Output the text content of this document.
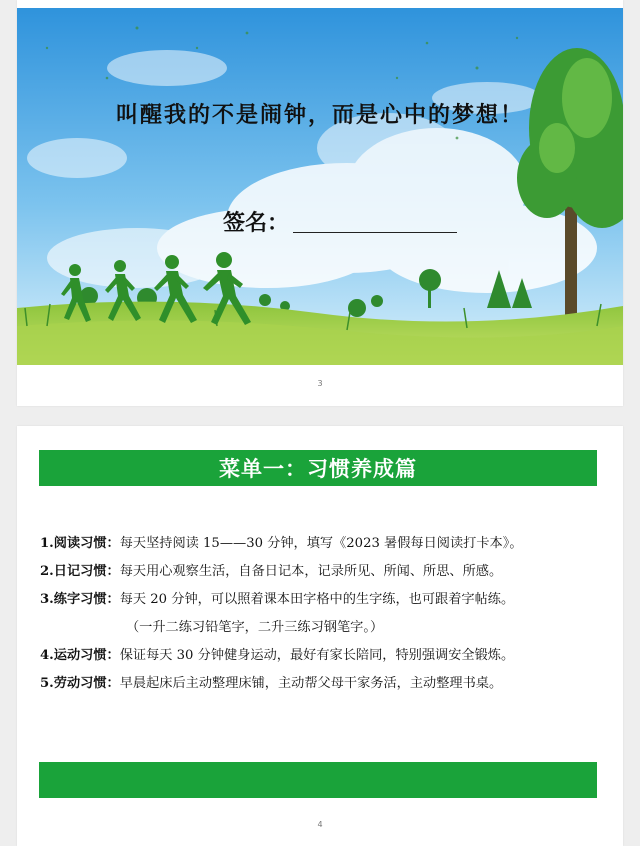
叫醒我的不是闹钟，而是心中的梦想！
签名：
3
菜单一：习惯养成篇
1.阅读习惯：每天坚持阅读 15——30 分钟，填写《2023 暑假每日阅读打卡本》。
2.日记习惯：每天用心观察生活，自备日记本，记录所见、所闻、所思、所感。
3.练字习惯：每天 20 分钟，可以照着课本田字格中的生字练，也可跟着字帖练。
（一升二练习铅笔字，二升三练习钢笔字。）
4.运动习惯：保证每天 30 分钟健身运动，最好有家长陪同，特别强调安全锻炼。
5.劳动习惯：早晨起床后主动整理床铺，主动帮父母干家务活，主动整理书桌。
4
